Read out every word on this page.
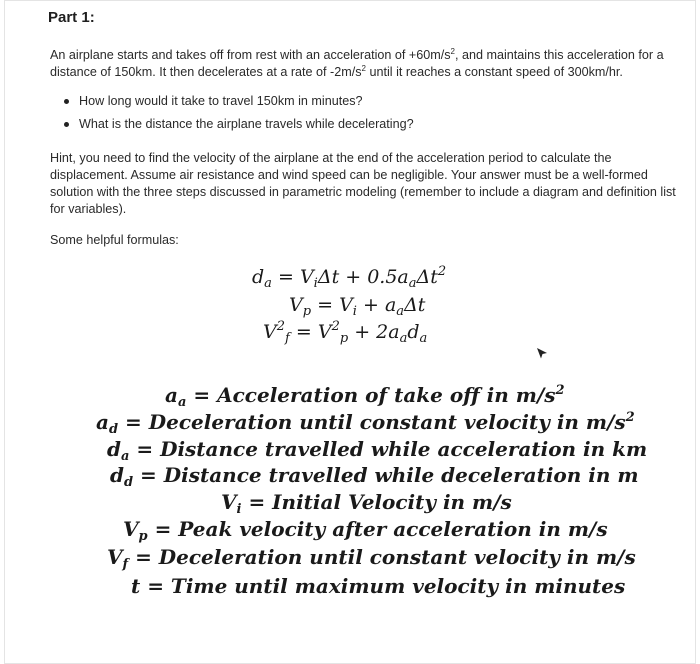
Part 1:
An airplane starts and takes off from rest with an acceleration of $+60m/s^2$, and maintains this acceleration for a
distance of 150km. It then decelerates at a rate of $-2m/s^2$ until it reaches a constant speed of 300km/hr.
How long would it take to travel 150km in minutes?
What is the distance the airplane travels while decelerating?
Hint, you need to find the velocity of the airplane at the end of the acceleration period to calculate the displacement. Assume air resistance and wind speed can be negligible. Your answer must be a well-formed solution with the three steps discussed in parametric modeling (remember to include a diagram and definition list for variables).
Some helpful formulas:
$d_a = V_i\Delta t + 0.5a_a\Delta t^2$
$V_p = V_i + a_a\Delta t$
$V^2_f = V^2_p + 2a_ad_a$
$a_a$ = Acceleration of take off in $m/s^2$
$a_d$ = Deceleration until constant velocity in $m/s^2$
$d_a$ = Distance travelled while acceleration in km
$d_d$ = Distance travelled while deceleration in m
$V_i$ = Initial Velocity in m/s
$V_p$ = Peak velocity after acceleration in m/s
$V_f$ = Deceleration until constant velocity in m/s
t = Time until maximum velocity in minutes
